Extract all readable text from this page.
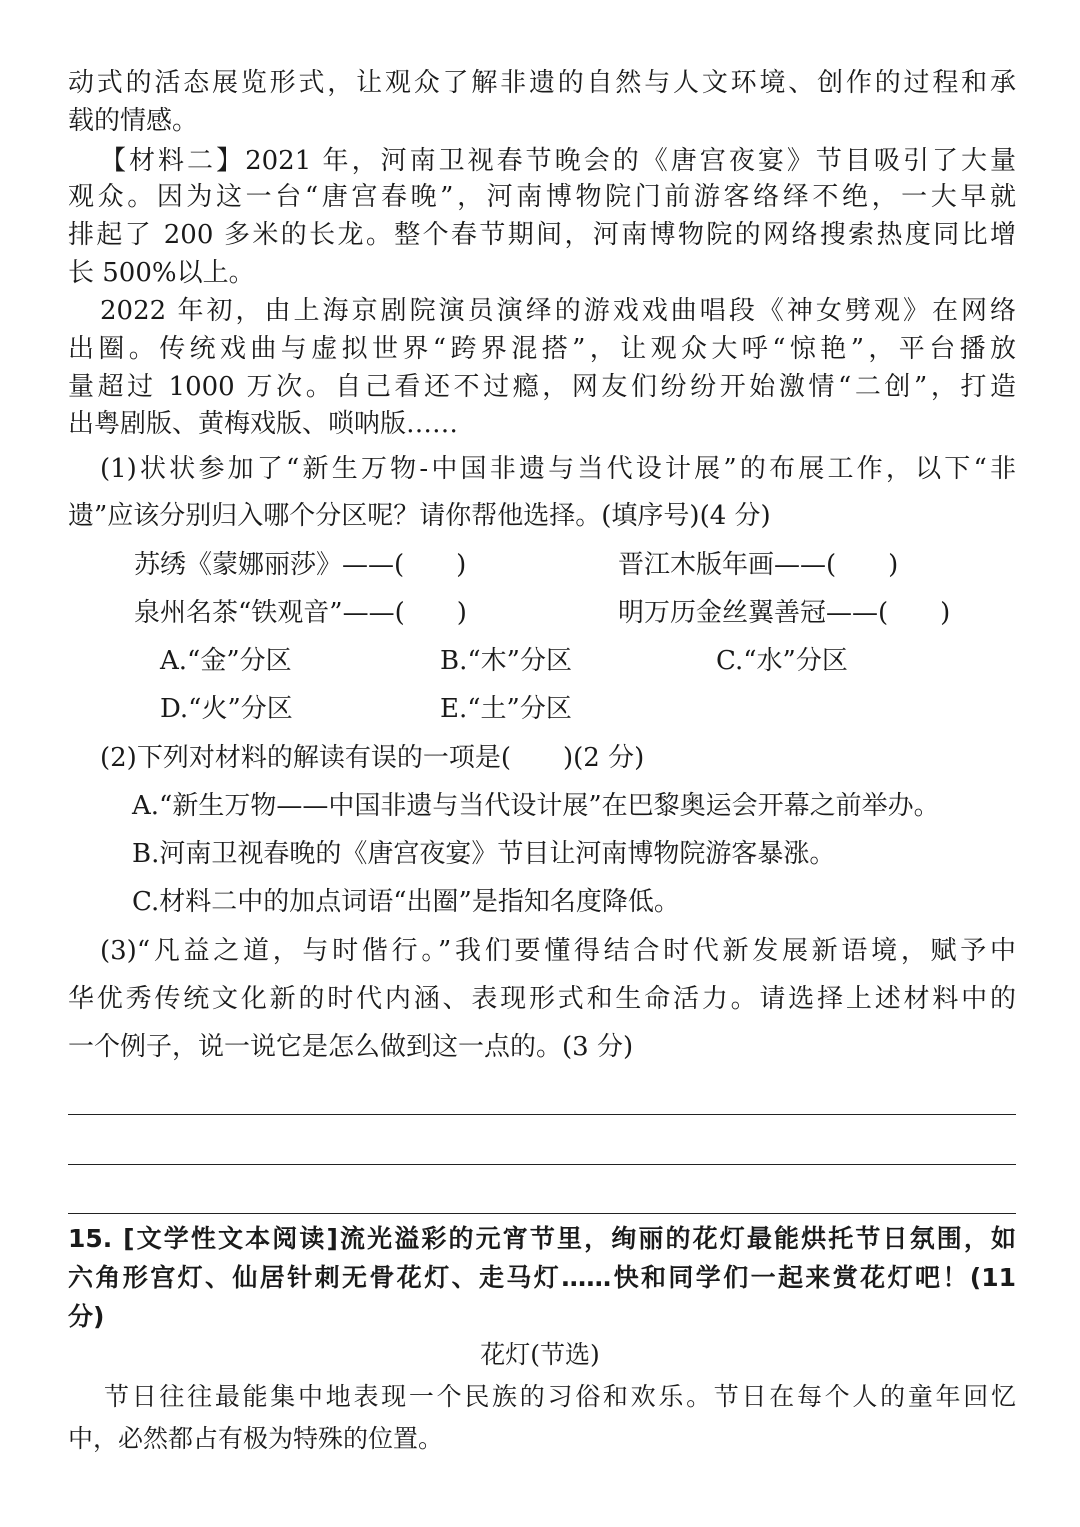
动式的活态展览形式，让观众了解非遗的自然与人文环境、创作的过程和承
载的情感。
【材料二】2021 年，河南卫视春节晚会的《唐宫夜宴》节目吸引了大量
观众。因为这一台“唐宫春晚”，河南博物院门前游客络绎不绝，一大早就
排起了 200 多米的长龙。整个春节期间，河南博物院的网络搜索热度同比增
长 500%以上。
2022 年初，由上海京剧院演员演绎的游戏戏曲唱段《神女劈观》在网络
出圈。传统戏曲与虚拟世界“跨界混搭”，让观众大呼“惊艳”，平台播放
量超过 1000 万次。自己看还不过瘾，网友们纷纷开始激情“二创”，打造
出粤剧版、黄梅戏版、唢呐版……
(1)状状参加了“新生万物-中国非遗与当代设计展”的布展工作，以下“非
遗”应该分别归入哪个分区呢？请你帮他选择。(填序号)(4 分)
苏绣《蒙娜丽莎》——(　　)	晋江木版年画——(　　)
泉州名茶“铁观音”——(　　)	明万历金丝翼善冠——(　　)
A.“金”分区	B.“木”分区	C.“水”分区
D.“火”分区	E.“土”分区
(2)下列对材料的解读有误的一项是(　　)(2 分)
A.“新生万物——中国非遗与当代设计展”在巴黎奥运会开幕之前举办。
B.河南卫视春晚的《唐宫夜宴》节目让河南博物院游客暴涨。
C.材料二中的加点词语“出圈”是指知名度降低。
(3)“凡益之道，与时偕行。”我们要懂得结合时代新发展新语境，赋予中
华优秀传统文化新的时代内涵、表现形式和生命活力。请选择上述材料中的
一个例子，说一说它是怎么做到这一点的。(3 分)
15. [文学性文本阅读]流光溢彩的元宵节里，绚丽的花灯最能烘托节日氛围，如
六角形宫灯、仙居针刺无骨花灯、走马灯……快和同学们一起来赏花灯吧！(11
分)
花灯(节选)
节日往往最能集中地表现一个民族的习俗和欢乐。节日在每个人的童年回忆
中，必然都占有极为特殊的位置。
